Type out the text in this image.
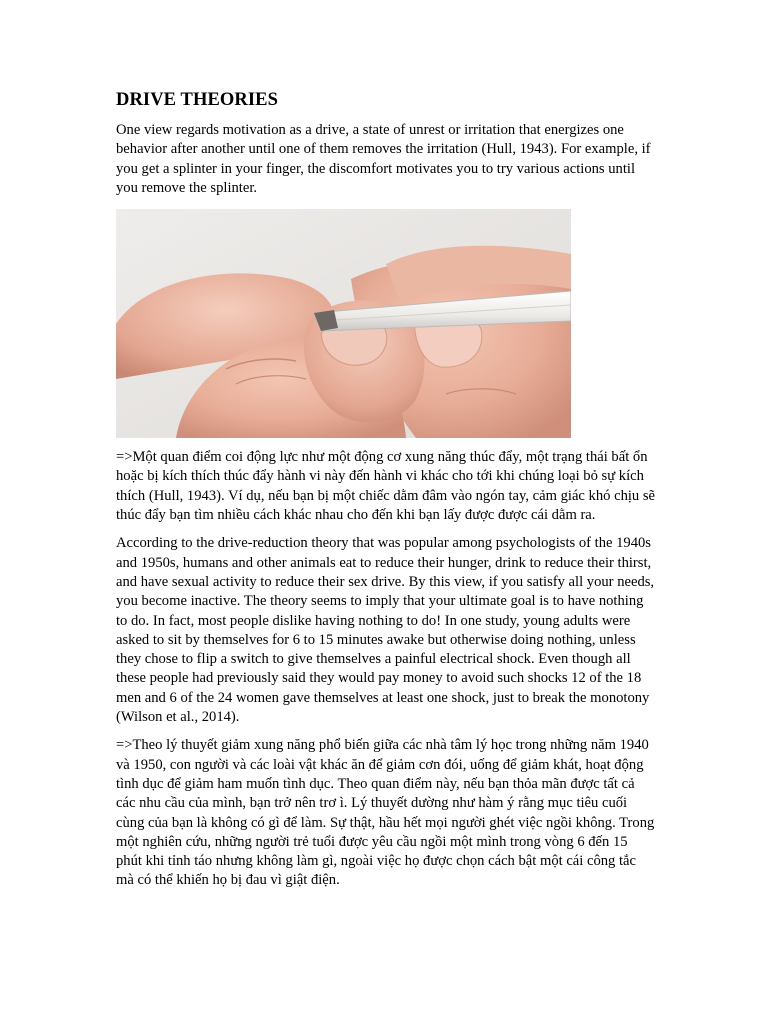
DRIVE THEORIES

One view regards motivation as a drive, a state of unrest or irritation that energizes one behavior after another until one of them removes the irritation (Hull, 1943). For example, if you get a splinter in your finger, the discomfort motivates you to try various actions until you remove the splinter.

=>Một quan điểm coi động lực như một động cơ xung năng thúc đẩy, một trạng thái bất ổn hoặc bị kích thích thúc đẩy hành vi này đến hành vi khác cho tới khi chúng loại bỏ sự kích thích (Hull, 1943). Ví dụ, nếu bạn bị một chiếc dằm đâm vào ngón tay, cảm giác khó chịu sẽ thúc đẩy bạn tìm nhiều cách khác nhau cho đến khi bạn lấy được được cái dằm ra.

According to the drive-reduction theory that was popular among psychologists of the 1940s and 1950s, humans and other animals eat to reduce their hunger, drink to reduce their thirst, and have sexual activity to reduce their sex drive. By this view, if you satisfy all your needs, you become inactive. The theory seems to imply that your ultimate goal is to have nothing to do. In fact, most people dislike having nothing to do! In one study, young adults were asked to sit by themselves for 6 to 15 minutes awake but otherwise doing nothing, unless they chose to flip a switch to give themselves a painful electrical shock. Even though all these people had previously said they would pay money to avoid such shocks 12 of the 18 men and 6 of the 24 women gave themselves at least one shock, just to break the monotony (Wilson et al., 2014).

=>Theo lý thuyết giảm xung năng phổ biến giữa các nhà tâm lý học trong những năm 1940 và 1950, con người và các loài vật khác ăn để giảm cơn đói, uống để giảm khát, hoạt động tình dục để giảm ham muốn tình dục. Theo quan điểm này, nếu bạn thỏa mãn được tất cả các nhu cầu của mình, bạn trở nên trơ ì. Lý thuyết dường như hàm ý rằng mục tiêu cuối cùng của bạn là không có gì để làm. Sự thật, hầu hết mọi người ghét việc ngồi không. Trong một nghiên cứu, những người trẻ tuổi được yêu cầu ngồi một mình trong vòng 6 đến 15 phút khi tỉnh táo nhưng không làm gì, ngoài việc họ được chọn cách bật một cái công tắc mà có thể khiến họ bị đau vì giật điện.
